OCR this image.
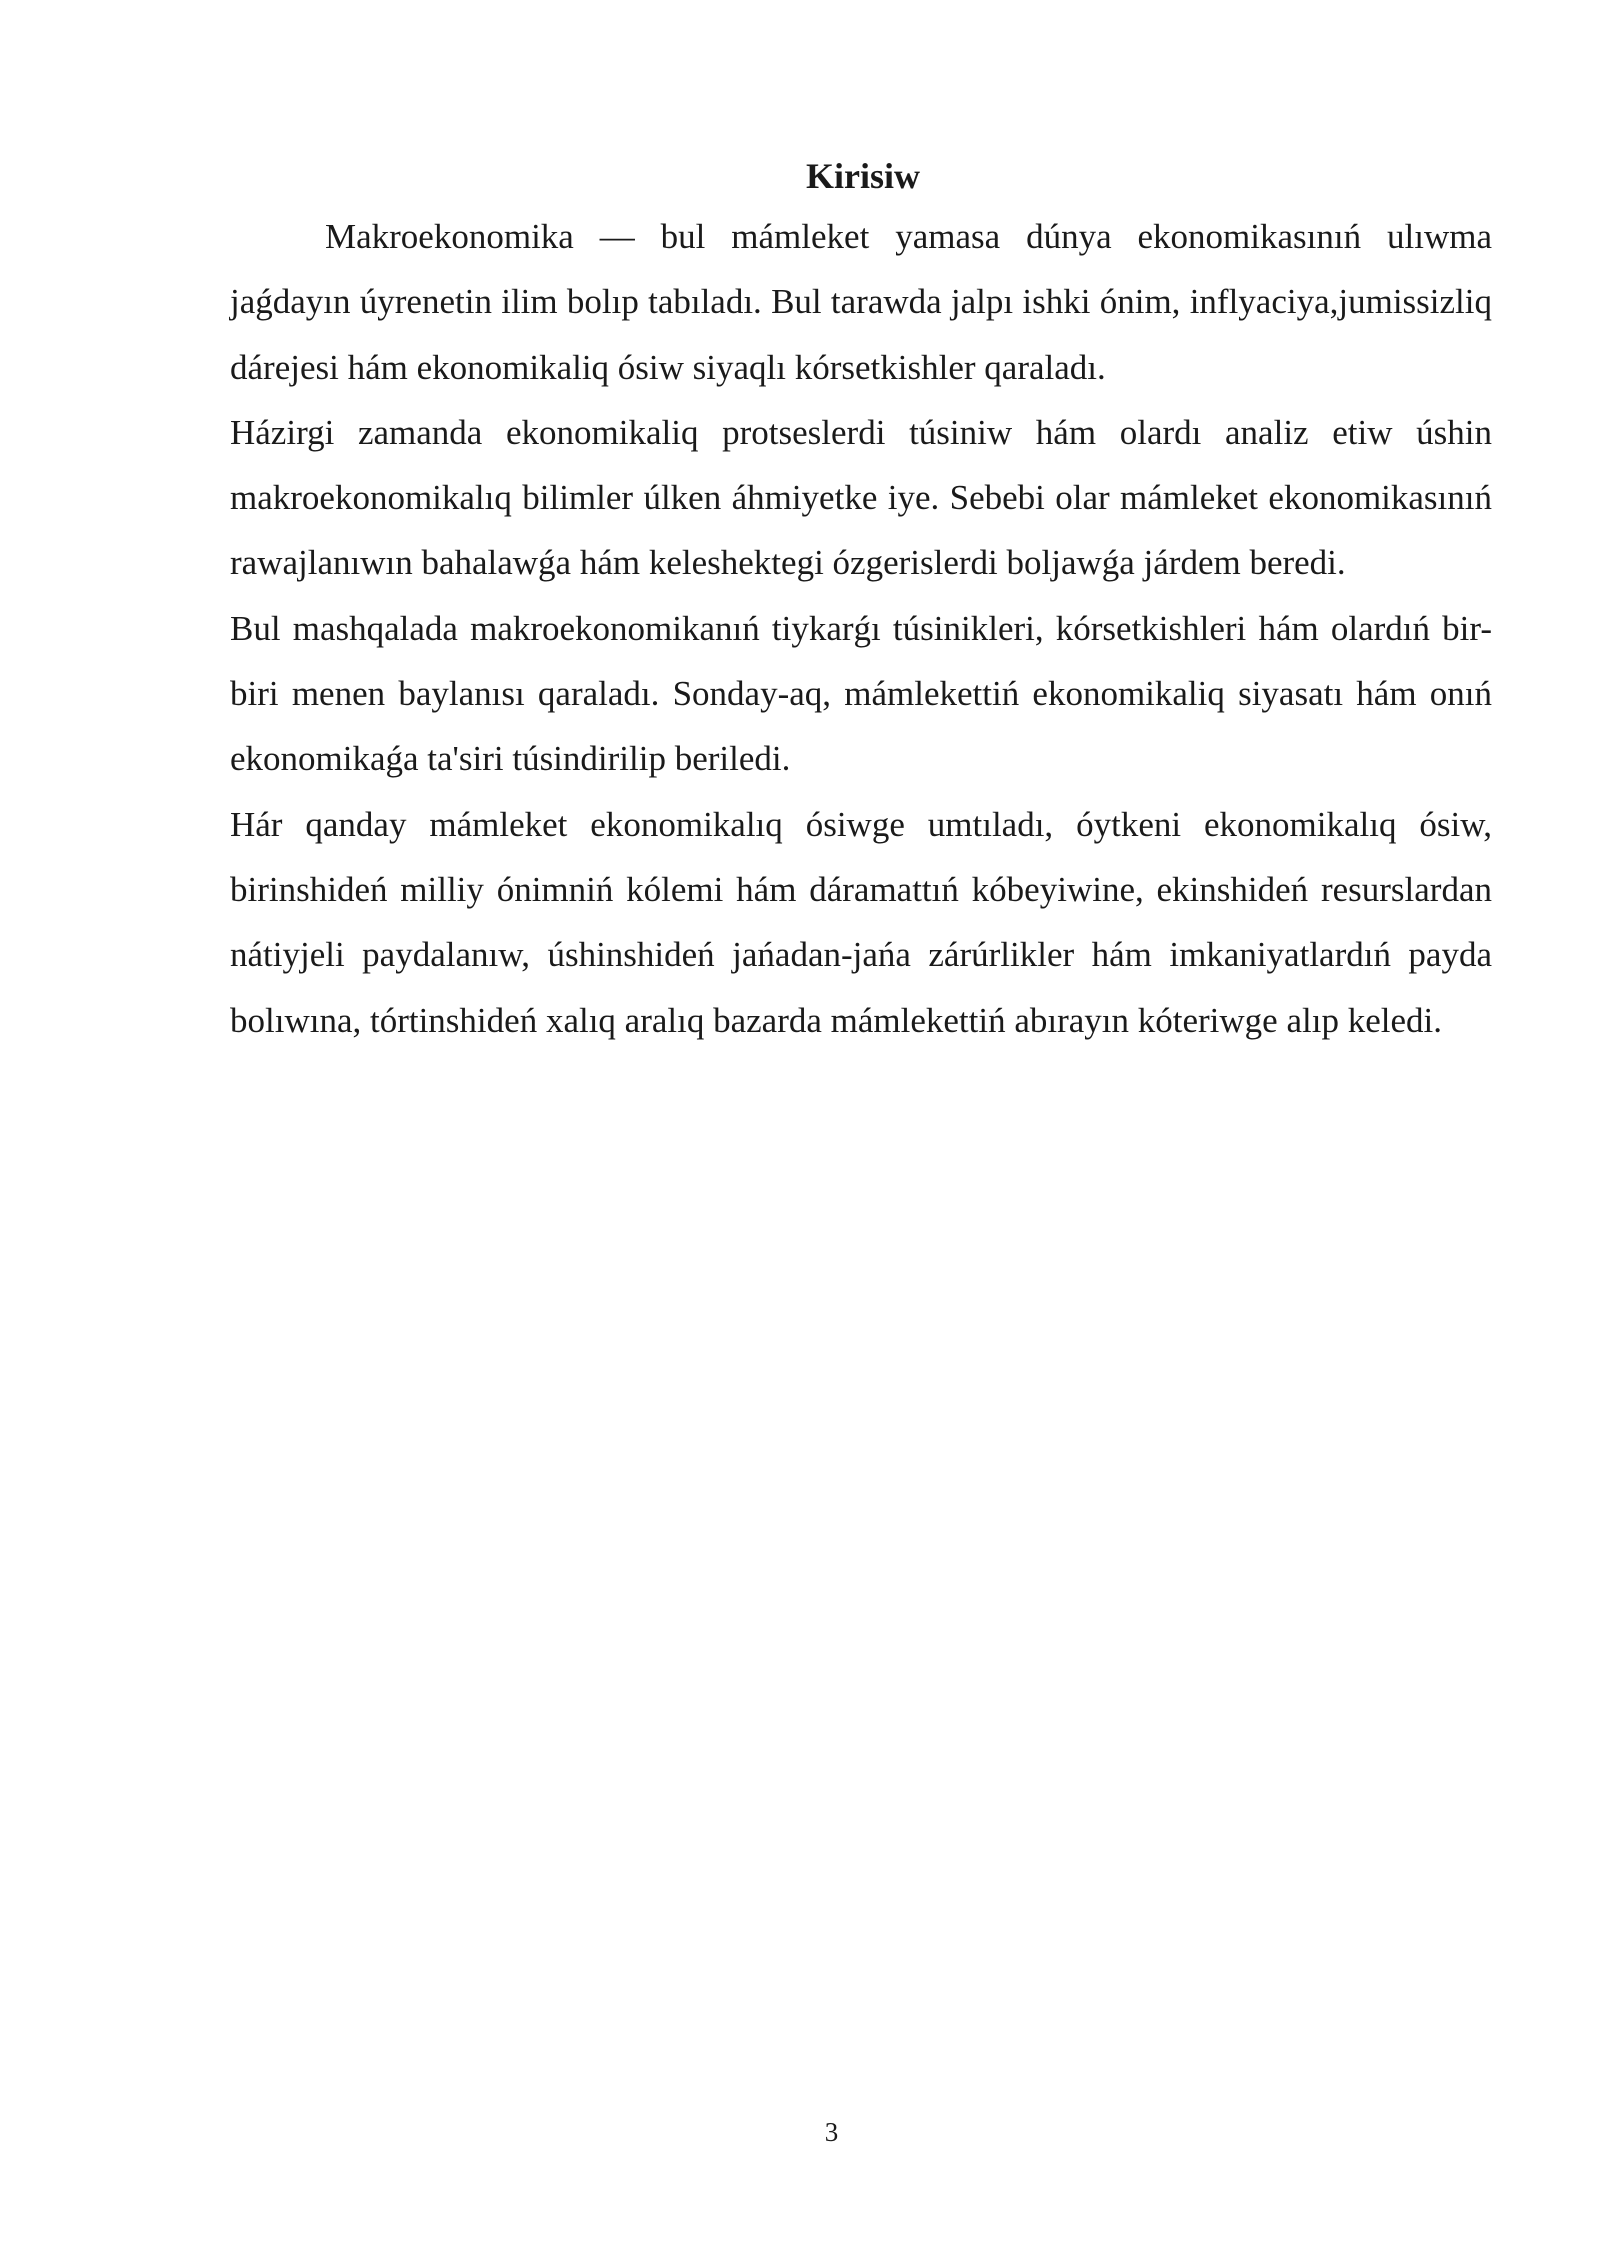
Kirisiw

Makroekonomika — bul mámleket yamasa dúnya ekonomikasınıń ulıwma jaǵdayın úyrenetin ilim bolıp tabıladı. Bul tarawda jalpı ishki ónim, inflyaciya,jumissizliq dárejesi hám ekonomikaliq ósiw siyaqlı kórsetkishler qaraladı.

Házirgi zamanda ekonomikaliq protseslerdi túsiniw hám olardı analiz etiw úshin makroekonomikalıq bilimler úlken áhmiyetke iye. Sebebi olar mámleket ekonomikasınıń rawajlanıwın bahalawǵa hám keleshektegi ózgerislerdi boljawǵa járdem beredi.

Bul mashqalada makroekonomikanıń tiykarǵı túsinikleri, kórsetkishleri hám olardıń bir-biri menen baylanısı qaraladı. Sonday-aq, mámlekettiń ekonomikaliq siyasatı hám onıń ekonomikaǵa ta'siri túsindirilip beriledi.

Hár qanday mámleket ekonomikalıq ósiwge umtıladı, óytkeni ekonomikalıq ósiw, birinshideń milliy ónimniń kólemi hám dáramattıń kóbeyiwine, ekinshideń resurslardan nátiyjeli paydalanıw, úshinshideń jańadan-jańa zárúrlikler hám imkaniyatlardıń payda bolıwına, tórtinshideń xalıq aralıq bazarda mámlekettiń abırayın kóteriwge alıp keledi.

3
